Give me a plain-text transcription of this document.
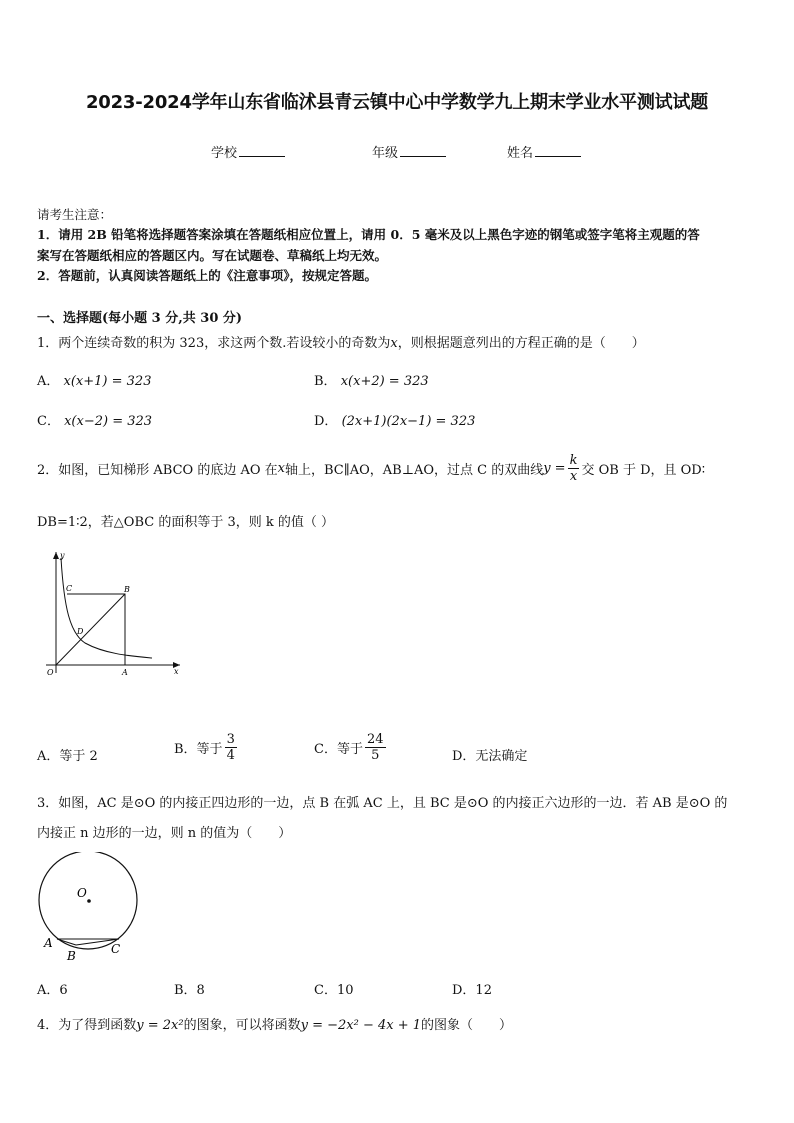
2023-2024学年山东省临沭县青云镇中心中学数学九上期末学业水平测试试题
学校	年级	姓名
请考生注意：
1．请用 2B 铅笔将选择题答案涂填在答题纸相应位置上，请用 0．5 毫米及以上黑色字迹的钢笔或签字笔将主观题的答
案写在答题纸相应的答题区内。写在试题卷、草稿纸上均无效。
2．答题前，认真阅读答题纸上的《注意事项》，按规定答题。
一、选择题(每小题 3 分,共 30 分)
1．两个连续奇数的积为 323，求这两个数.若设较小的奇数为x，则根据题意列出的方程正确的是（　　）
A． x(x+1) = 323	B． x(x+2) = 323
C． x(x−2) = 323	D． (2x+1)(2x−1) = 323
2．如图，已知梯形 ABCO 的底边 AO 在x轴上，BC∥AO，AB⊥AO，过点 C 的双曲线$y = \frac{k}{x}$ 交 OB 于 D，且 OD∶
DB=1∶2，若△OBC 的面积等于 3，则 k 的值（ ）
y
x
C	B
D
O	A
A．等于 2	B．等于 $\frac{3}{4}$	C．等于 $\frac{24}{5}$	D．无法确定
3．如图，AC 是⊙O 的内接正四边形的一边，点 B 在弧 AC 上，且 BC 是⊙O 的内接正六边形的一边．若 AB 是⊙O 的
内接正 n 边形的一边，则 n 的值为（　　）
O
A
B	C
A．6	B．8	C．10	D．12
4．为了得到函数y = 2x²的图象，可以将函数y = −2x² − 4x + 1的图象（　　）
